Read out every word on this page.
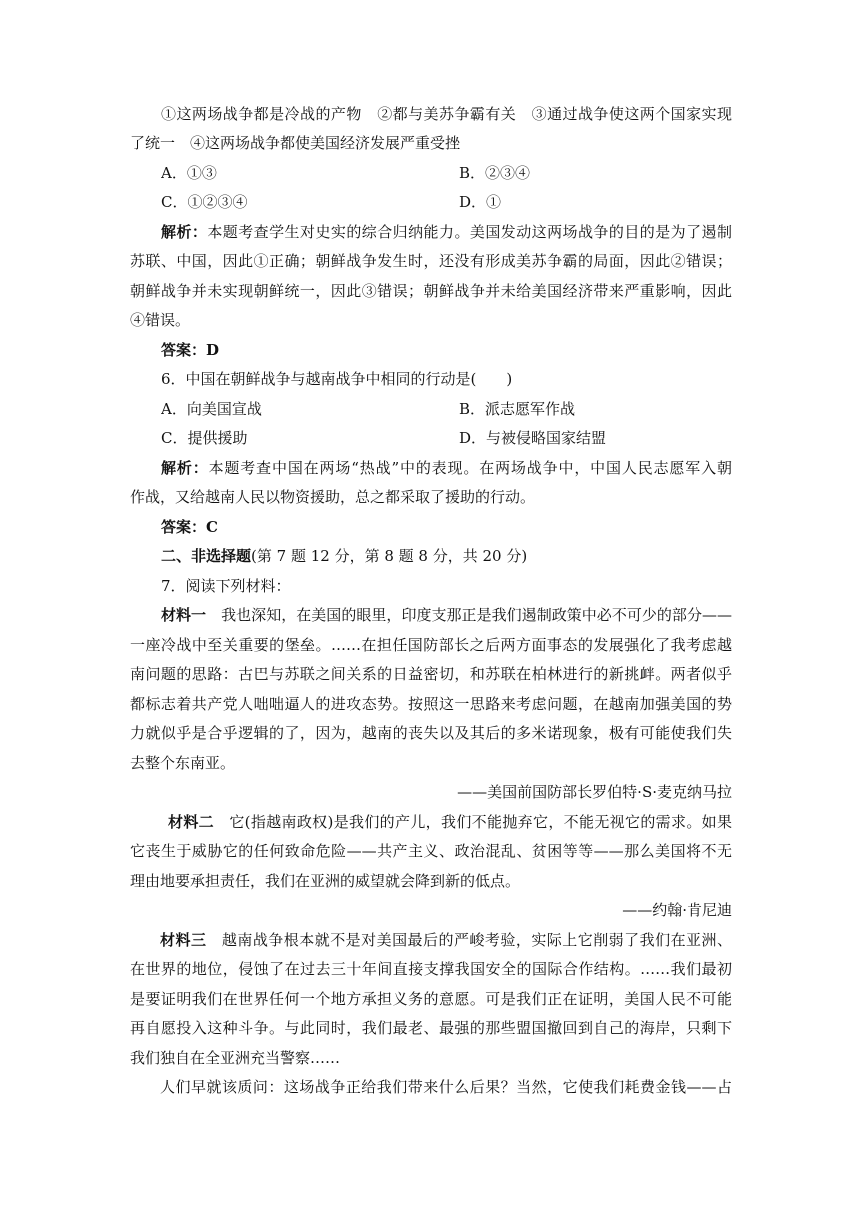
①这两场战争都是冷战的产物　②都与美苏争霸有关　③通过战争使这两个国家实现
了统一　④这两场战争都使美国经济发展严重受挫
A．①③	B．②③④
C．①②③④	D．①
解析：本题考查学生对史实的综合归纳能力。美国发动这两场战争的目的是为了遏制
苏联、中国，因此①正确；朝鲜战争发生时，还没有形成美苏争霸的局面，因此②错误；
朝鲜战争并未实现朝鲜统一，因此③错误；朝鲜战争并未给美国经济带来严重影响，因此
④错误。
答案：D
6．中国在朝鲜战争与越南战争中相同的行动是(　　)
A．向美国宣战	B．派志愿军作战
C．提供援助	D．与被侵略国家结盟
解析：本题考查中国在两场“热战”中的表现。在两场战争中，中国人民志愿军入朝
作战，又给越南人民以物资援助，总之都采取了援助的行动。
答案：C
二、非选择题(第 7 题 12 分，第 8 题 8 分，共 20 分)
7．阅读下列材料：
材料一　我也深知，在美国的眼里，印度支那正是我们遏制政策中必不可少的部分——
一座冷战中至关重要的堡垒。……在担任国防部长之后两方面事态的发展强化了我考虑越
南问题的思路：古巴与苏联之间关系的日益密切，和苏联在柏林进行的新挑衅。两者似乎
都标志着共产党人咄咄逼人的进攻态势。按照这一思路来考虑问题，在越南加强美国的势
力就似乎是合乎逻辑的了，因为，越南的丧失以及其后的多米诺现象，极有可能使我们失
去整个东南亚。
——美国前国防部长罗伯特·S·麦克纳马拉
材料二　它(指越南政权)是我们的产儿，我们不能抛弃它，不能无视它的需求。如果
它丧生于威胁它的任何致命危险——共产主义、政治混乱、贫困等等——那么美国将不无
理由地要承担责任，我们在亚洲的威望就会降到新的低点。
——约翰·肯尼迪
材料三　越南战争根本就不是对美国最后的严峻考验，实际上它削弱了我们在亚洲、
在世界的地位，侵蚀了在过去三十年间直接支撑我国安全的国际合作结构。……我们最初
是要证明我们在世界任何一个地方承担义务的意愿。可是我们正在证明，美国人民不可能
再自愿投入这种斗争。与此同时，我们最老、最强的那些盟国撤回到自己的海岸，只剩下
我们独自在全亚洲充当警察……
人们早就该质问：这场战争正给我们带来什么后果？当然，它使我们耗费金钱——占
